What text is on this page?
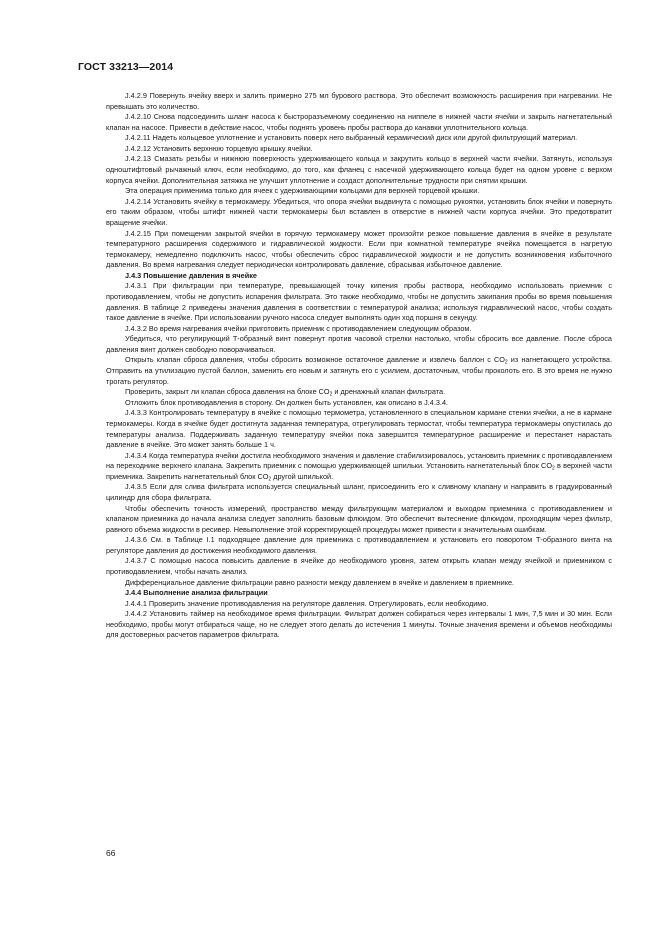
ГОСТ 33213—2014

J.4.2.9 Повернуть ячейку вверх и залить примерно 275 мл бурового раствора. Это обеспечит возможность расширения при нагревании. Не превышать это количество.

J.4.2.10 Снова подсоединить шланг насоса к быстроразъемному соединению на ниппеле в нижней части ячейки и закрыть нагнетательный клапан на насосе. Привести в действие насос, чтобы поднять уровень пробы раствора до канавки уплотнительного кольца.

J.4.2.11 Надеть кольцевое уплотнение и установить поверх него выбранный керамический диск или другой фильтрующий материал.

J.4.2.12 Установить верхнюю торцевую крышку ячейки.

J.4.2.13 Смазать резьбы и нижнюю поверхность удерживающего кольца и закрутить кольцо в верхней части ячейки. Затянуть, используя одноштифтовый рычажный ключ, если необходимо, до того, как фланец с насечкой удерживающего кольца будет на одном уровне с верхом корпуса ячейки. Дополнительная затяжка не улучшит уплотнение и создаст дополнительные трудности при снятии крышки.

Эта операция применима только для ячеек с удерживающими кольцами для верхней торцевой крышки.

J.4.2.14 Установить ячейку в термокамеру. Убедиться, что опора ячейки выдвинута с помощью рукоятки, установить блок ячейки и повернуть его таким образом, чтобы штифт нижней части термокамеры был вставлен в отверстие в нижней части корпуса ячейки. Это предотвратит вращение ячейки.

J.4.2.15 При помещении закрытой ячейки в горячую термокамеру может произойти резкое повышение давления в ячейке в результате температурного расширения содержимого и гидравлической жидкости. Если при комнатной температуре ячейка помещается в нагретую термокамеру, немедленно подключить насос, чтобы обеспечить сброс гидравлической жидкости и не допустить возникновения избыточного давления. Во время нагревания следует периодически контролировать давление, сбрасывая избыточное давление.

J.4.3 Повышение давления в ячейке

J.4.3.1 При фильтрации при температуре, превышающей точку кипения пробы раствора, необходимо использовать приемник с противодавлением, чтобы не допустить испарения фильтрата. Это также необходимо, чтобы не допустить закипания пробы во время повышения давления. В таблице 2 приведены значения давления в соответствии с температурой анализа; используя гидравлический насос, чтобы создать такое давление в ячейке. При использовании ручного насоса следует выполнять один ход поршня в секунду.

J.4.3.2 Во время нагревания ячейки приготовить приемник с противодавлением следующим образом.

Убедиться, что регулирующий Т-образный винт повернут против часовой стрелки настолько, чтобы сбросить все давление. После сброса давления винт должен свободно поворачиваться.

Открыть клапан сброса давления, чтобы сбросить возможное остаточное давление и извлечь баллон с $CO_2$ из нагнетающего устройства. Отправить на утилизацию пустой баллон, заменить его новым и затянуть его с усилием, достаточным, чтобы проколоть его. В это время не нужно трогать регулятор.

Проверить, закрыт ли клапан сброса давления на блоке $CO_2$ и дренажный клапан фильтрата.

Отложить блок противодавления в сторону. Он должен быть установлен, как описано в J.4.3.4.

J.4.3.3 Контролировать температуру в ячейке с помощью термометра, установленного в специальном кармане стенки ячейки, а не в кармане термокамеры. Когда в ячейке будет достигнута заданная температура, отрегулировать термостат, чтобы температура термокамеры опустилась до температуры анализа. Поддерживать заданную температуру ячейки пока завершится температурное расширение и перестанет нарастать давление в ячейке. Это может занять больше 1 ч.

J.4.3.4 Когда температура ячейки достигла необходимого значения и давление стабилизировалось, установить приемник с противодавлением на переходнике верхнего клапана. Закрепить приемник с помощью удерживающей шпильки. Установить нагнетательный блок $CO_2$ в верхней части приемника. Закрепить нагнетательный блок $CO_2$ другой шпилькой.

J.4.3.5 Если для слива фильтрата используется специальный шланг, присоединить его к сливному клапану и направить в градуированный цилиндр для сбора фильтрата.

Чтобы обеспечить точность измерений, пространство между фильтрующим материалом и выходом приемника с противодавлением и клапаном приемника до начала анализа следует заполнить базовым флюидом. Это обеспечит вытеснение флюидом, проходящим через фильтр, равного объема жидкости в ресивер. Невыполнение этой корректирующей процедуры может привести к значительным ошибкам.

J.4.3.6 См. в Таблице I.1 подходящее давление для приемника с противодавлением и установить его поворотом Т-образного винта на регуляторе давления до достижения необходимого давления.

J.4.3.7 С помощью насоса повысить давление в ячейке до необходимого уровня, затем открыть клапан между ячейкой и приемником с противодавлением, чтобы начать анализ.

Дифференциальное давление фильтрации равно разности между давлением в ячейке и давлением в приемнике.

J.4.4 Выполнение анализа фильтрации

J.4.4.1 Проверить значение противодавления на регуляторе давления. Отрегулировать, если необходимо.

J.4.4.2 Установить таймер на необходимое время фильтрации. Фильтрат должен собираться через интервалы 1 мин, 7,5 мин и 30 мин. Если необходимо, пробы могут отбираться чаще, но не следует этого делать до истечения 1 минуты. Точные значения времени и объемов необходимы для достоверных расчетов параметров фильтрата.

66
